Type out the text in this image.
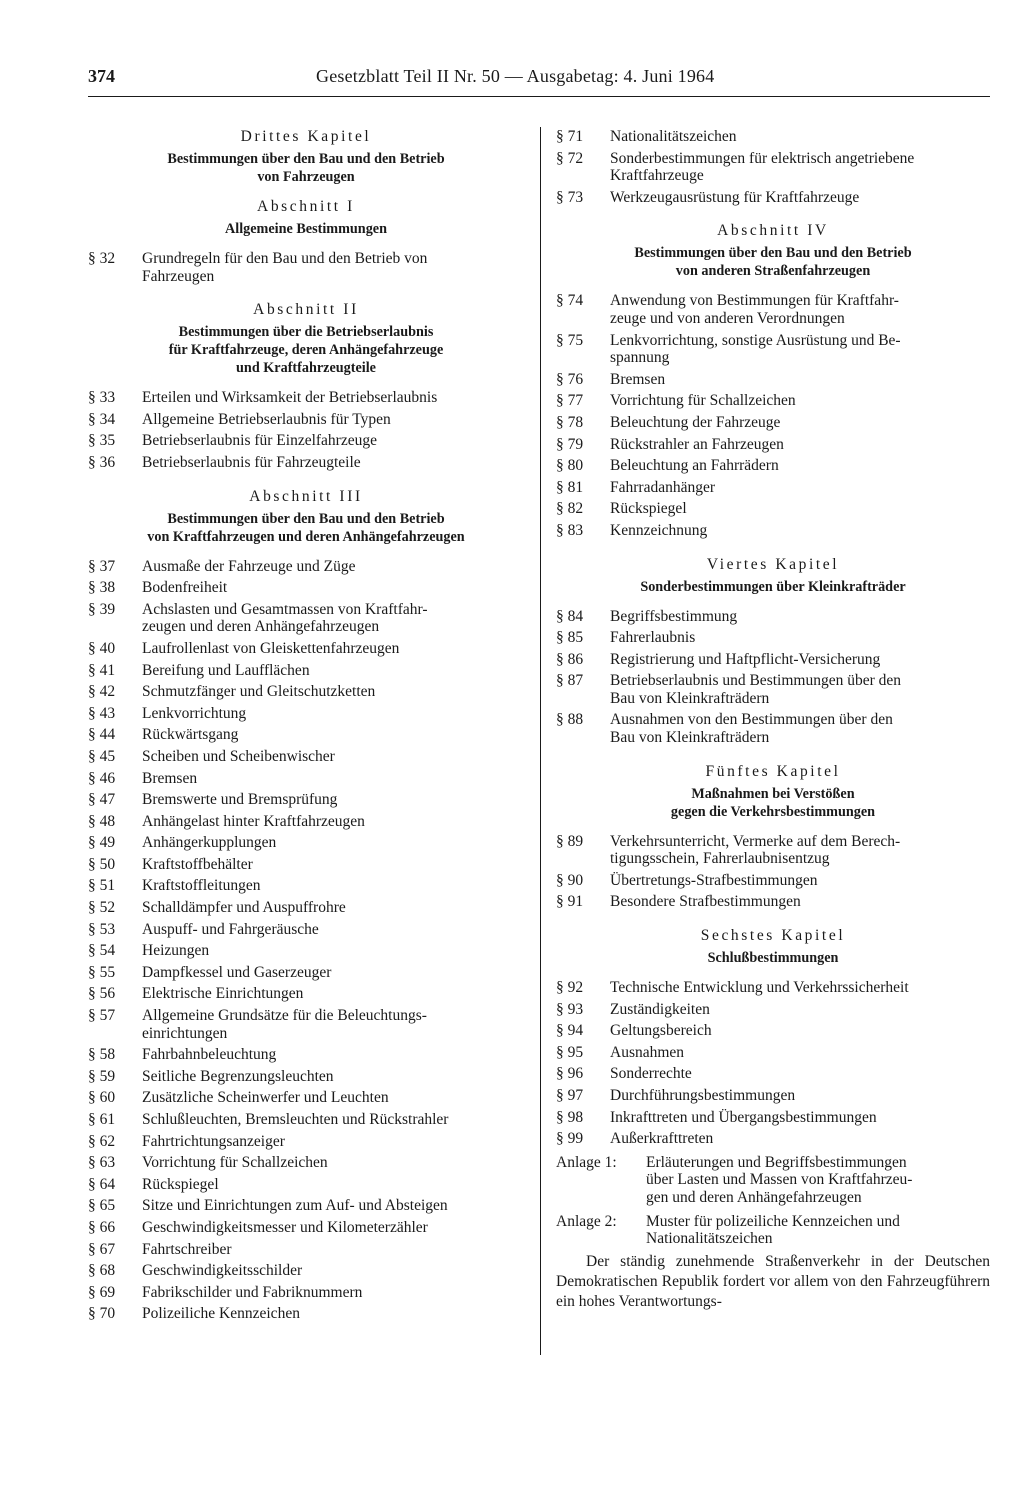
374	Gesetzblatt Teil II Nr. 50 — Ausgabetag: 4. Juni 1964
Drittes Kapitel
Bestimmungen über den Bau und den Betrieb
von Fahrzeugen
Abschnitt I
Allgemeine Bestimmungen
§ 32	Grundregeln für den Bau und den Betrieb von
Fahrzeugen
Abschnitt II
Bestimmungen über die Betriebserlaubnis
für Kraftfahrzeuge, deren Anhängefahrzeuge
und Kraftfahrzeugteile
§ 33	Erteilen und Wirksamkeit der Betriebserlaubnis
§ 34	Allgemeine Betriebserlaubnis für Typen
§ 35	Betriebserlaubnis für Einzelfahrzeuge
§ 36	Betriebserlaubnis für Fahrzeugteile
Abschnitt III
Bestimmungen über den Bau und den Betrieb
von Kraftfahrzeugen und deren Anhängefahrzeugen
§ 37	Ausmaße der Fahrzeuge und Züge
§ 38	Bodenfreiheit
§ 39	Achslasten und Gesamtmassen von Kraftfahr-
zeugen und deren Anhängefahrzeugen
§ 40	Laufrollenlast von Gleiskettenfahrzeugen
§ 41	Bereifung und Laufflächen
§ 42	Schmutzfänger und Gleitschutzketten
§ 43	Lenkvorrichtung
§ 44	Rückwärtsgang
§ 45	Scheiben und Scheibenwischer
§ 46	Bremsen
§ 47	Bremswerte und Bremsprüfung
§ 48	Anhängelast hinter Kraftfahrzeugen
§ 49	Anhängerkupplungen
§ 50	Kraftstoffbehälter
§ 51	Kraftstoffleitungen
§ 52	Schalldämpfer und Auspuffrohre
§ 53	Auspuff- und Fahrgeräusche
§ 54	Heizungen
§ 55	Dampfkessel und Gaserzeuger
§ 56	Elektrische Einrichtungen
§ 57	Allgemeine Grundsätze für die Beleuchtungs-
einrichtungen
§ 58	Fahrbahnbeleuchtung
§ 59	Seitliche Begrenzungsleuchten
§ 60	Zusätzliche Scheinwerfer und Leuchten
§ 61	Schlußleuchten, Bremsleuchten und Rückstrahler
§ 62	Fahrtrichtungsanzeiger
§ 63	Vorrichtung für Schallzeichen
§ 64	Rückspiegel
§ 65	Sitze und Einrichtungen zum Auf- und Absteigen
§ 66	Geschwindigkeitsmesser und Kilometerzähler
§ 67	Fahrtschreiber
§ 68	Geschwindigkeitsschilder
§ 69	Fabrikschilder und Fabriknummern
§ 70	Polizeiliche Kennzeichen
§ 71	Nationalitätszeichen
§ 72	Sonderbestimmungen für elektrisch angetriebene
Kraftfahrzeuge
§ 73	Werkzeugausrüstung für Kraftfahrzeuge
Abschnitt IV
Bestimmungen über den Bau und den Betrieb
von anderen Straßenfahrzeugen
§ 74	Anwendung von Bestimmungen für Kraftfahr-
zeuge und von anderen Verordnungen
§ 75	Lenkvorrichtung, sonstige Ausrüstung und Be-
spannung
§ 76	Bremsen
§ 77	Vorrichtung für Schallzeichen
§ 78	Beleuchtung der Fahrzeuge
§ 79	Rückstrahler an Fahrzeugen
§ 80	Beleuchtung an Fahrrädern
§ 81	Fahrradanhänger
§ 82	Rückspiegel
§ 83	Kennzeichnung
Viertes Kapitel
Sonderbestimmungen über Kleinkrafträder
§ 84	Begriffsbestimmung
§ 85	Fahrerlaubnis
§ 86	Registrierung und Haftpflicht-Versicherung
§ 87	Betriebserlaubnis und Bestimmungen über den
Bau von Kleinkrafträdern
§ 88	Ausnahmen von den Bestimmungen über den
Bau von Kleinkrafträdern
Fünftes Kapitel
Maßnahmen bei Verstößen
gegen die Verkehrsbestimmungen
§ 89	Verkehrsunterricht, Vermerke auf dem Berech-
tigungsschein, Fahrerlaubnisentzug
§ 90	Übertretungs-Strafbestimmungen
§ 91	Besondere Strafbestimmungen
Sechstes Kapitel
Schlußbestimmungen
§ 92	Technische Entwicklung und Verkehrssicherheit
§ 93	Zuständigkeiten
§ 94	Geltungsbereich
§ 95	Ausnahmen
§ 96	Sonderrechte
§ 97	Durchführungsbestimmungen
§ 98	Inkrafttreten und Übergangsbestimmungen
§ 99	Außerkrafttreten
Anlage 1:	Erläuterungen und Begriffsbestimmungen
über Lasten und Massen von Kraftfahrzeu-
gen und deren Anhängefahrzeugen
Anlage 2:	Muster für polizeiliche Kennzeichen und
Nationalitätszeichen

Der ständig zunehmende Straßenverkehr in der Deutschen Demokratischen Republik fordert vor allem von den Fahrzeugführern ein hohes Verantwortungs-
